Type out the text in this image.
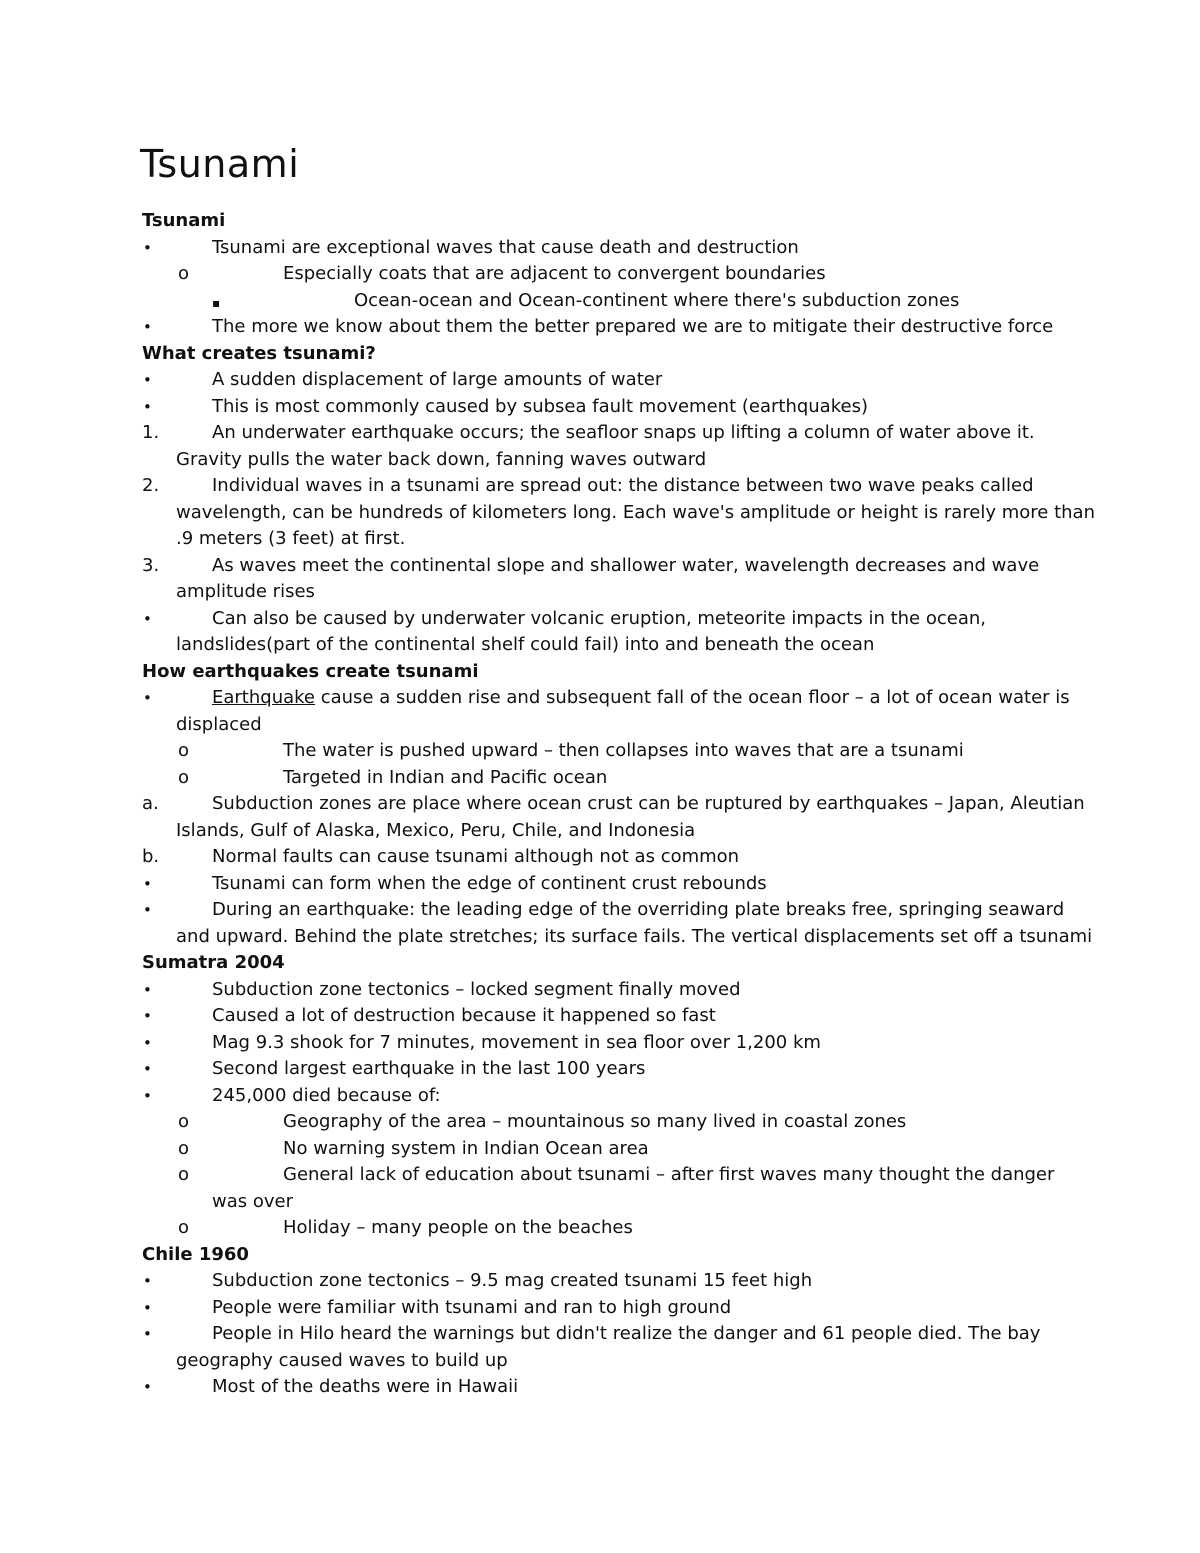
Tsunami
Tsunami
•	Tsunami are exceptional waves that cause death and destruction
o	Especially coats that are adjacent to convergent boundaries
▪	Ocean-ocean and Ocean-continent where there's subduction zones
•	The more we know about them the better prepared we are to mitigate their destructive force
What creates tsunami?
•	A sudden displacement of large amounts of water
•	This is most commonly caused by subsea fault movement (earthquakes)
1.	An underwater earthquake occurs; the seafloor snaps up lifting a column of water above it.
Gravity pulls the water back down, fanning waves outward
2.	Individual waves in a tsunami are spread out: the distance between two wave peaks called
wavelength, can be hundreds of kilometers long. Each wave's amplitude or height is rarely more than
.9 meters (3 feet) at first.
3.	As waves meet the continental slope and shallower water, wavelength decreases and wave
amplitude rises
•	Can also be caused by underwater volcanic eruption, meteorite impacts in the ocean,
landslides(part of the continental shelf could fail) into and beneath the ocean
How earthquakes create tsunami
•	Earthquake cause a sudden rise and subsequent fall of the ocean floor – a lot of ocean water is
displaced
o	The water is pushed upward – then collapses into waves that are a tsunami
o	Targeted in Indian and Pacific ocean
a.	Subduction zones are place where ocean crust can be ruptured by earthquakes – Japan, Aleutian
Islands, Gulf of Alaska, Mexico, Peru, Chile, and Indonesia
b.	Normal faults can cause tsunami although not as common
•	Tsunami can form when the edge of continent crust rebounds
•	During an earthquake: the leading edge of the overriding plate breaks free, springing seaward
and upward. Behind the plate stretches; its surface fails. The vertical displacements set off a tsunami
Sumatra 2004
•	Subduction zone tectonics – locked segment finally moved
•	Caused a lot of destruction because it happened so fast
•	Mag 9.3 shook for 7 minutes, movement in sea floor over 1,200 km
•	Second largest earthquake in the last 100 years
•	245,000 died because of:
o	Geography of the area – mountainous so many lived in coastal zones
o	No warning system in Indian Ocean area
o	General lack of education about tsunami – after first waves many thought the danger
was over
o	Holiday – many people on the beaches
Chile 1960
•	Subduction zone tectonics – 9.5 mag created tsunami 15 feet high
•	People were familiar with tsunami and ran to high ground
•	People in Hilo heard the warnings but didn't realize the danger and 61 people died. The bay
geography caused waves to build up
•	Most of the deaths were in Hawaii
